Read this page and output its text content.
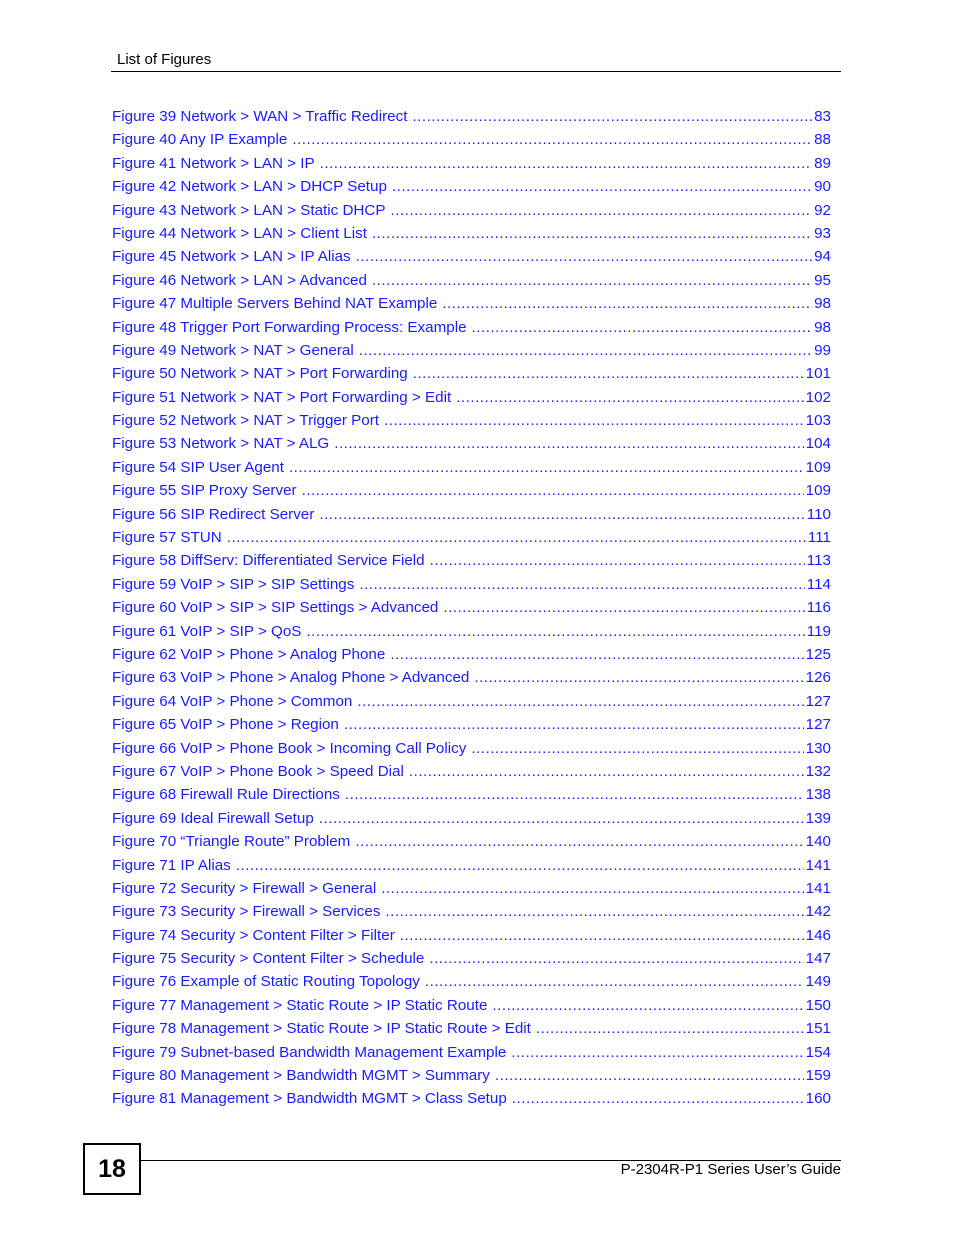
List of Figures
Figure 39 Network > WAN > Traffic Redirect .....	83
Figure 40 Any IP Example .....	88
Figure 41 Network > LAN > IP .....	89
Figure 42 Network > LAN > DHCP Setup .....	90
Figure 43 Network > LAN > Static DHCP .....	92
Figure 44 Network > LAN > Client List .....	93
Figure 45 Network > LAN > IP Alias .....	94
Figure 46 Network > LAN > Advanced .....	95
Figure 47 Multiple Servers Behind NAT Example .....	98
Figure 48 Trigger Port Forwarding Process: Example .....	98
Figure 49 Network > NAT > General .....	99
Figure 50 Network > NAT > Port Forwarding .....	101
Figure 51 Network > NAT > Port Forwarding > Edit .....	102
Figure 52 Network > NAT > Trigger Port .....	103
Figure 53 Network > NAT > ALG .....	104
Figure 54 SIP User Agent .....	109
Figure 55 SIP Proxy Server .....	109
Figure 56 SIP Redirect Server .....	110
Figure 57 STUN .....	111
Figure 58 DiffServ: Differentiated Service Field .....	113
Figure 59 VoIP > SIP > SIP Settings .....	114
Figure 60 VoIP > SIP > SIP Settings > Advanced .....	116
Figure 61 VoIP > SIP > QoS .....	119
Figure 62 VoIP > Phone > Analog Phone .....	125
Figure 63 VoIP > Phone > Analog Phone > Advanced .....	126
Figure 64 VoIP > Phone > Common .....	127
Figure 65 VoIP > Phone > Region .....	127
Figure 66 VoIP > Phone Book > Incoming Call Policy .....	130
Figure 67 VoIP > Phone Book > Speed Dial .....	132
Figure 68 Firewall Rule Directions .....	138
Figure 69 Ideal Firewall Setup .....	139
Figure 70 “Triangle Route” Problem .....	140
Figure 71 IP Alias .....	141
Figure 72 Security > Firewall > General .....	141
Figure 73 Security > Firewall > Services .....	142
Figure 74 Security > Content Filter > Filter .....	146
Figure 75 Security > Content Filter > Schedule .....	147
Figure 76 Example of Static Routing Topology .....	149
Figure 77 Management > Static Route > IP Static Route .....	150
Figure 78 Management > Static Route > IP Static Route > Edit .....	151
Figure 79 Subnet-based Bandwidth Management Example .....	154
Figure 80 Management > Bandwidth MGMT > Summary .....	159
Figure 81 Management > Bandwidth MGMT > Class Setup .....	160
18	P-2304R-P1 Series User’s Guide
